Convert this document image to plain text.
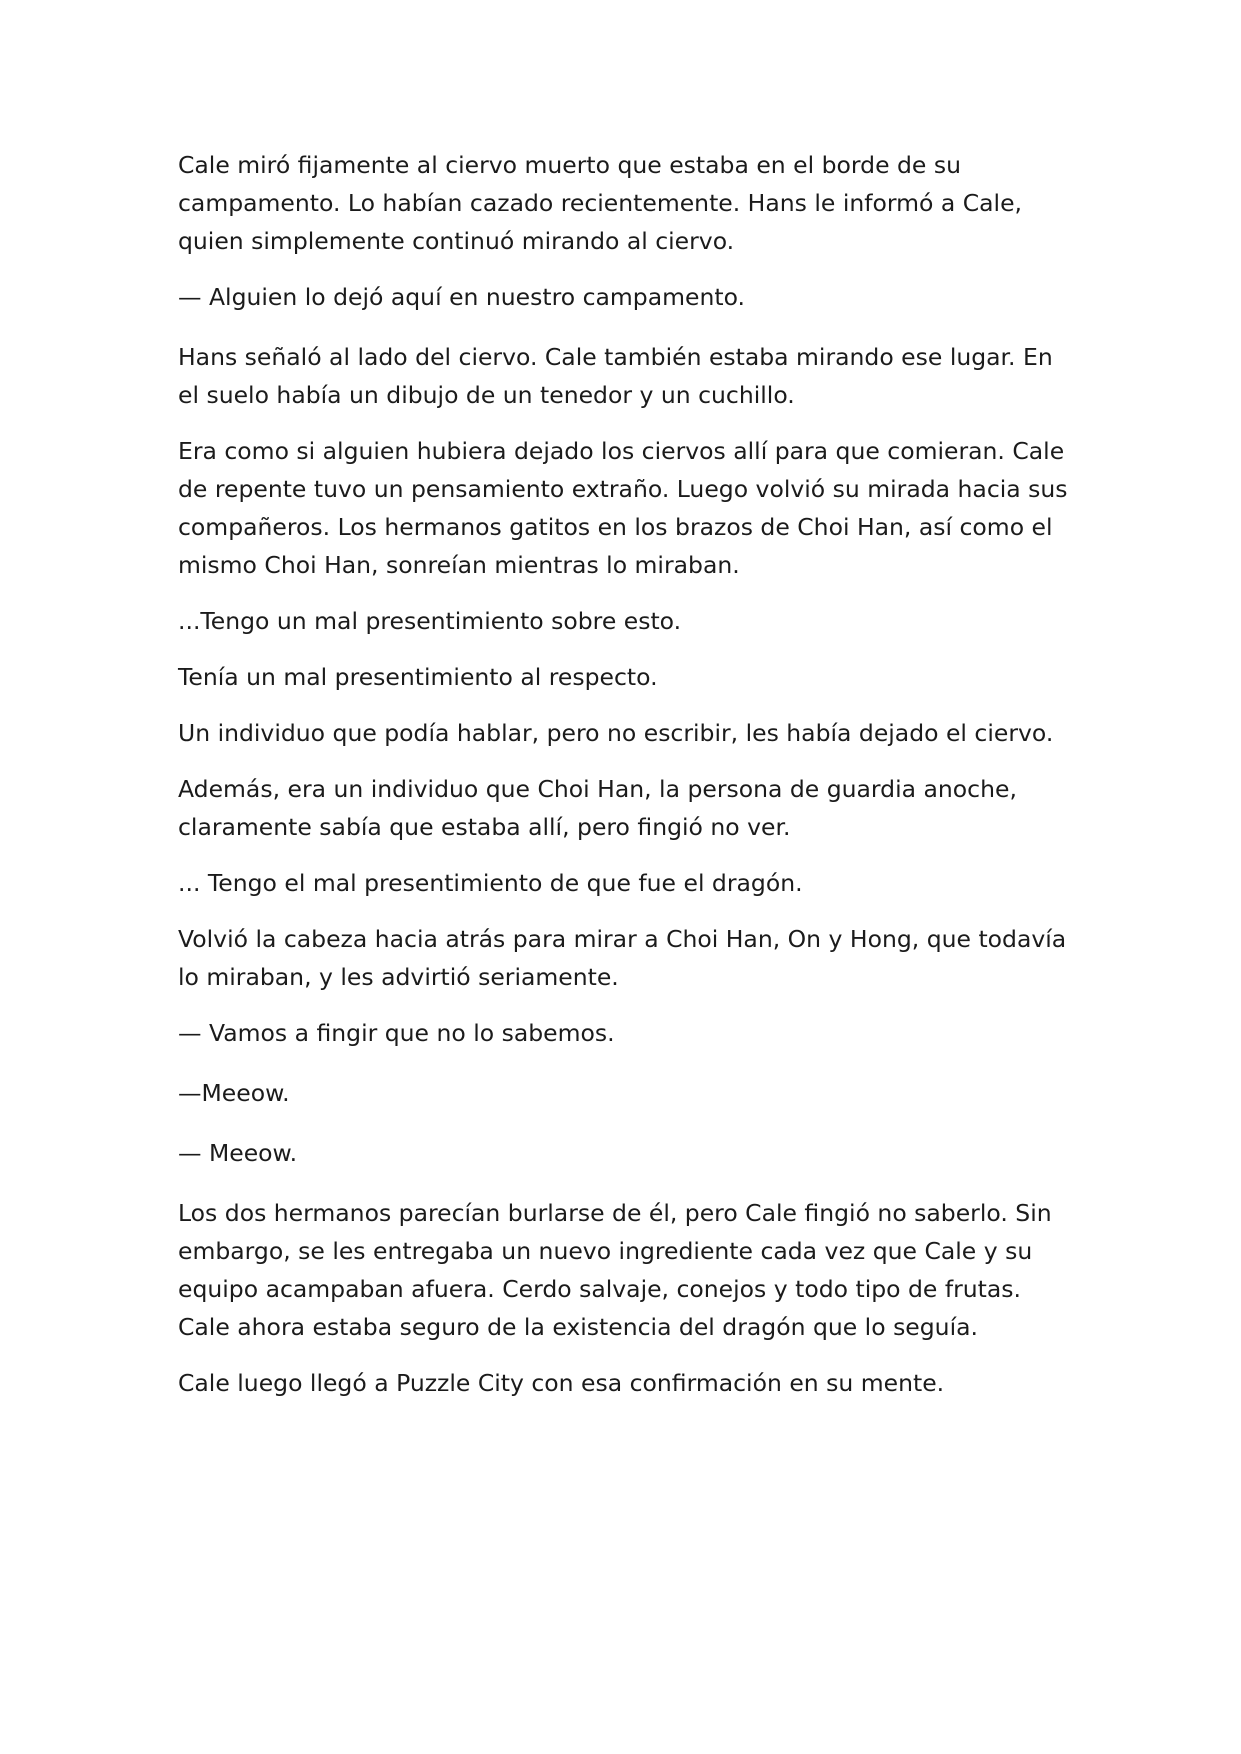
Cale miró fijamente al ciervo muerto que estaba en el borde de su campamento. Lo habían cazado recientemente. Hans le informó a Cale, quien simplemente continuó mirando al ciervo.

— Alguien lo dejó aquí en nuestro campamento.

Hans señaló al lado del ciervo. Cale también estaba mirando ese lugar. En el suelo había un dibujo de un tenedor y un cuchillo.

Era como si alguien hubiera dejado los ciervos allí para que comieran. Cale de repente tuvo un pensamiento extraño. Luego volvió su mirada hacia sus compañeros. Los hermanos gatitos en los brazos de Choi Han, así como el mismo Choi Han, sonreían mientras lo miraban.

...Tengo un mal presentimiento sobre esto.

Tenía un mal presentimiento al respecto.

Un individuo que podía hablar, pero no escribir, les había dejado el ciervo.

Además, era un individuo que Choi Han, la persona de guardia anoche, claramente sabía que estaba allí, pero fingió no ver.

... Tengo el mal presentimiento de que fue el dragón.

Volvió la cabeza hacia atrás para mirar a Choi Han, On y Hong, que todavía lo miraban, y les advirtió seriamente.

— Vamos a fingir que no lo sabemos.

—Meeow.

— Meeow.

Los dos hermanos parecían burlarse de él, pero Cale fingió no saberlo. Sin embargo, se les entregaba un nuevo ingrediente cada vez que Cale y su equipo acampaban afuera. Cerdo salvaje, conejos y todo tipo de frutas. Cale ahora estaba seguro de la existencia del dragón que lo seguía.

Cale luego llegó a Puzzle City con esa confirmación en su mente.
